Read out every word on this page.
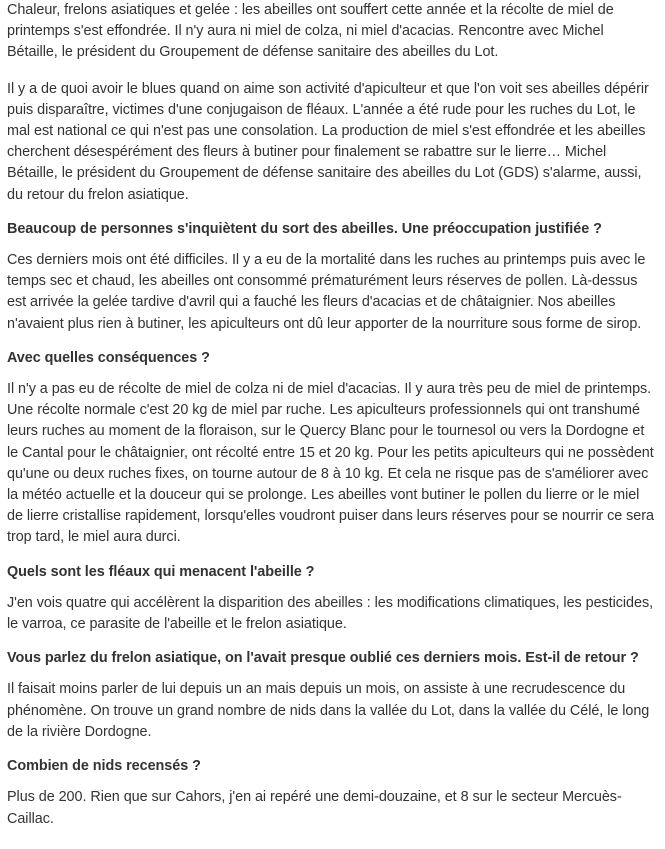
Chaleur, frelons asiatiques et gelée : les abeilles ont souffert cette année et la récolte de miel de printemps s'est effondrée. Il n'y aura ni miel de colza, ni miel d'acacias. Rencontre avec Michel Bétaille, le président du Groupement de défense sanitaire des abeilles du Lot.

Il y a de quoi avoir le blues quand on aime son activité d'apiculteur et que l'on voit ses abeilles dépérir puis disparaître, victimes d'une conjugaison de fléaux. L'année a été rude pour les ruches du Lot, le mal est national ce qui n'est pas une consolation. La production de miel s'est effondrée et les abeilles cherchent désespérément des fleurs à butiner pour finalement se rabattre sur le lierre… Michel Bétaille, le président du Groupement de défense sanitaire des abeilles du Lot (GDS) s'alarme, aussi, du retour du frelon asiatique.

Beaucoup de personnes s'inquiètent du sort des abeilles. Une préoccupation justifiée ?

Ces derniers mois ont été difficiles. Il y a eu de la mortalité dans les ruches au printemps puis avec le temps sec et chaud, les abeilles ont consommé prématurément leurs réserves de pollen. Là-dessus est arrivée la gelée tardive d'avril qui a fauché les fleurs d'acacias et de châtaignier. Nos abeilles n'avaient plus rien à butiner, les apiculteurs ont dû leur apporter de la nourriture sous forme de sirop.

Avec quelles conséquences ?

Il n'y a pas eu de récolte de miel de colza ni de miel d'acacias. Il y aura très peu de miel de printemps. Une récolte normale c'est 20 kg de miel par ruche. Les apiculteurs professionnels qui ont transhumé leurs ruches au moment de la floraison, sur le Quercy Blanc pour le tournesol ou vers la Dordogne et le Cantal pour le châtaignier, ont récolté entre 15 et 20 kg. Pour les petits apiculteurs qui ne possèdent qu'une ou deux ruches fixes, on tourne autour de 8 à 10 kg. Et cela ne risque pas de s'améliorer avec la météo actuelle et la douceur qui se prolonge. Les abeilles vont butiner le pollen du lierre or le miel de lierre cristallise rapidement, lorsqu'elles voudront puiser dans leurs réserves pour se nourrir ce sera trop tard, le miel aura durci.

Quels sont les fléaux qui menacent l'abeille ?

J'en vois quatre qui accélèrent la disparition des abeilles : les modifications climatiques, les pesticides, le varroa, ce parasite de l'abeille et le frelon asiatique.

Vous parlez du frelon asiatique, on l'avait presque oublié ces derniers mois. Est-il de retour ?

Il faisait moins parler de lui depuis un an mais depuis un mois, on assiste à une recrudescence du phénomène. On trouve un grand nombre de nids dans la vallée du Lot, dans la vallée du Célé, le long de la rivière Dordogne.

Combien de nids recensés ?

Plus de 200. Rien que sur Cahors, j'en ai repéré une demi-douzaine, et 8 sur le secteur Mercuès-Caillac.
